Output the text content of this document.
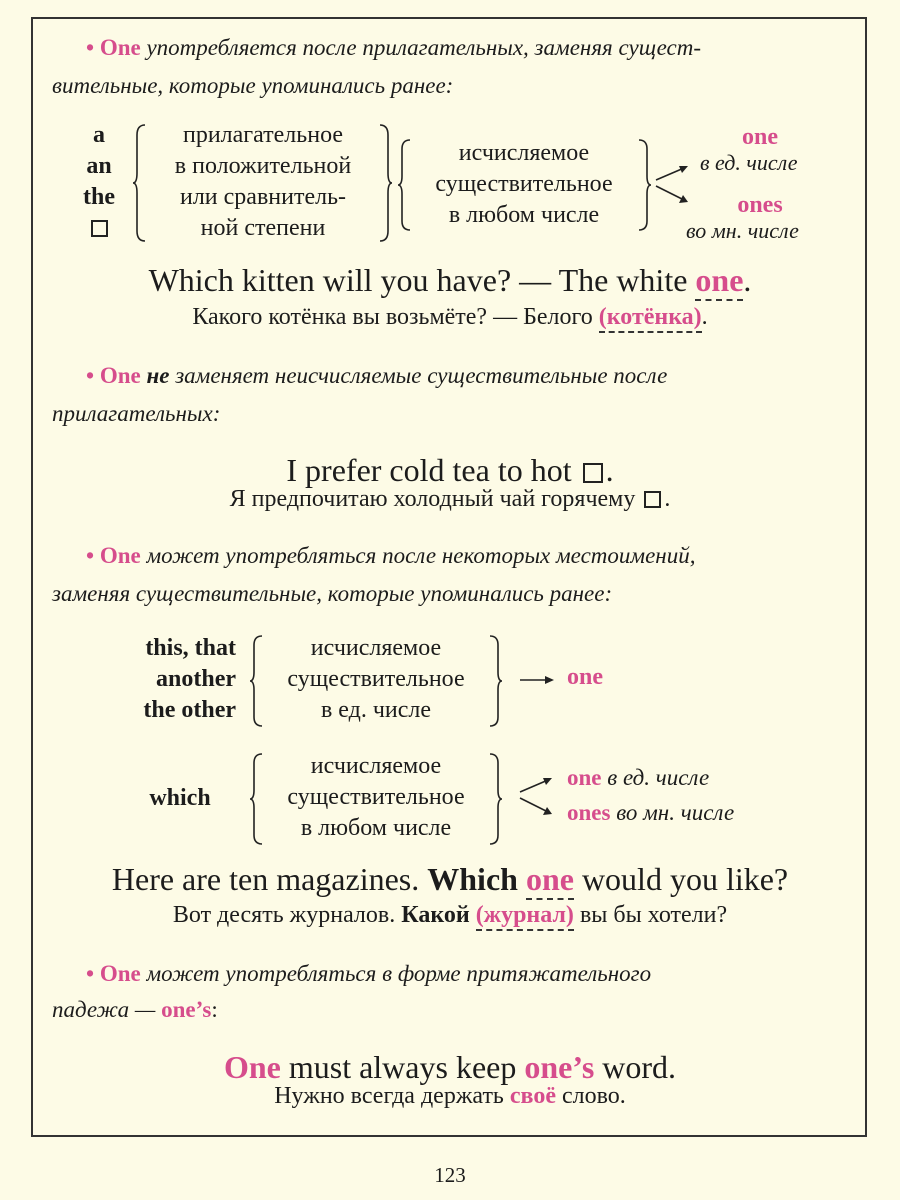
• One употребляется после прилагательных, заменяя сущест-
вительные, которые упоминались ранее:
a
an
the
прилагательное
в положительной
или сравнитель-
ной степени
исчисляемое
существительное
в любом числе
one
в ед. числе
ones
во мн. числе
Which kitten will you have? — The white one.
Какого котёнка вы возьмёте? — Белого (котёнка).
• One не заменяет неисчисляемые существительные после
прилагательных:
I prefer cold tea to hot .
Я предпочитаю холодный чай горячему .
• One может употребляться после некоторых местоимений,
заменяя существительные, которые упоминались ранее:
this, that
another
the other
исчисляемое
существительное
в ед. числе
one
which
исчисляемое
существительное
в любом числе
one в ед. числе
ones во мн. числе
Here are ten magazines. Which one would you like?
Вот десять журналов. Какой (журнал) вы бы хотели?
• One может употребляться в форме притяжательного
падежа — one’s:
One must always keep one’s word.
Нужно всегда держать своё слово.
123
